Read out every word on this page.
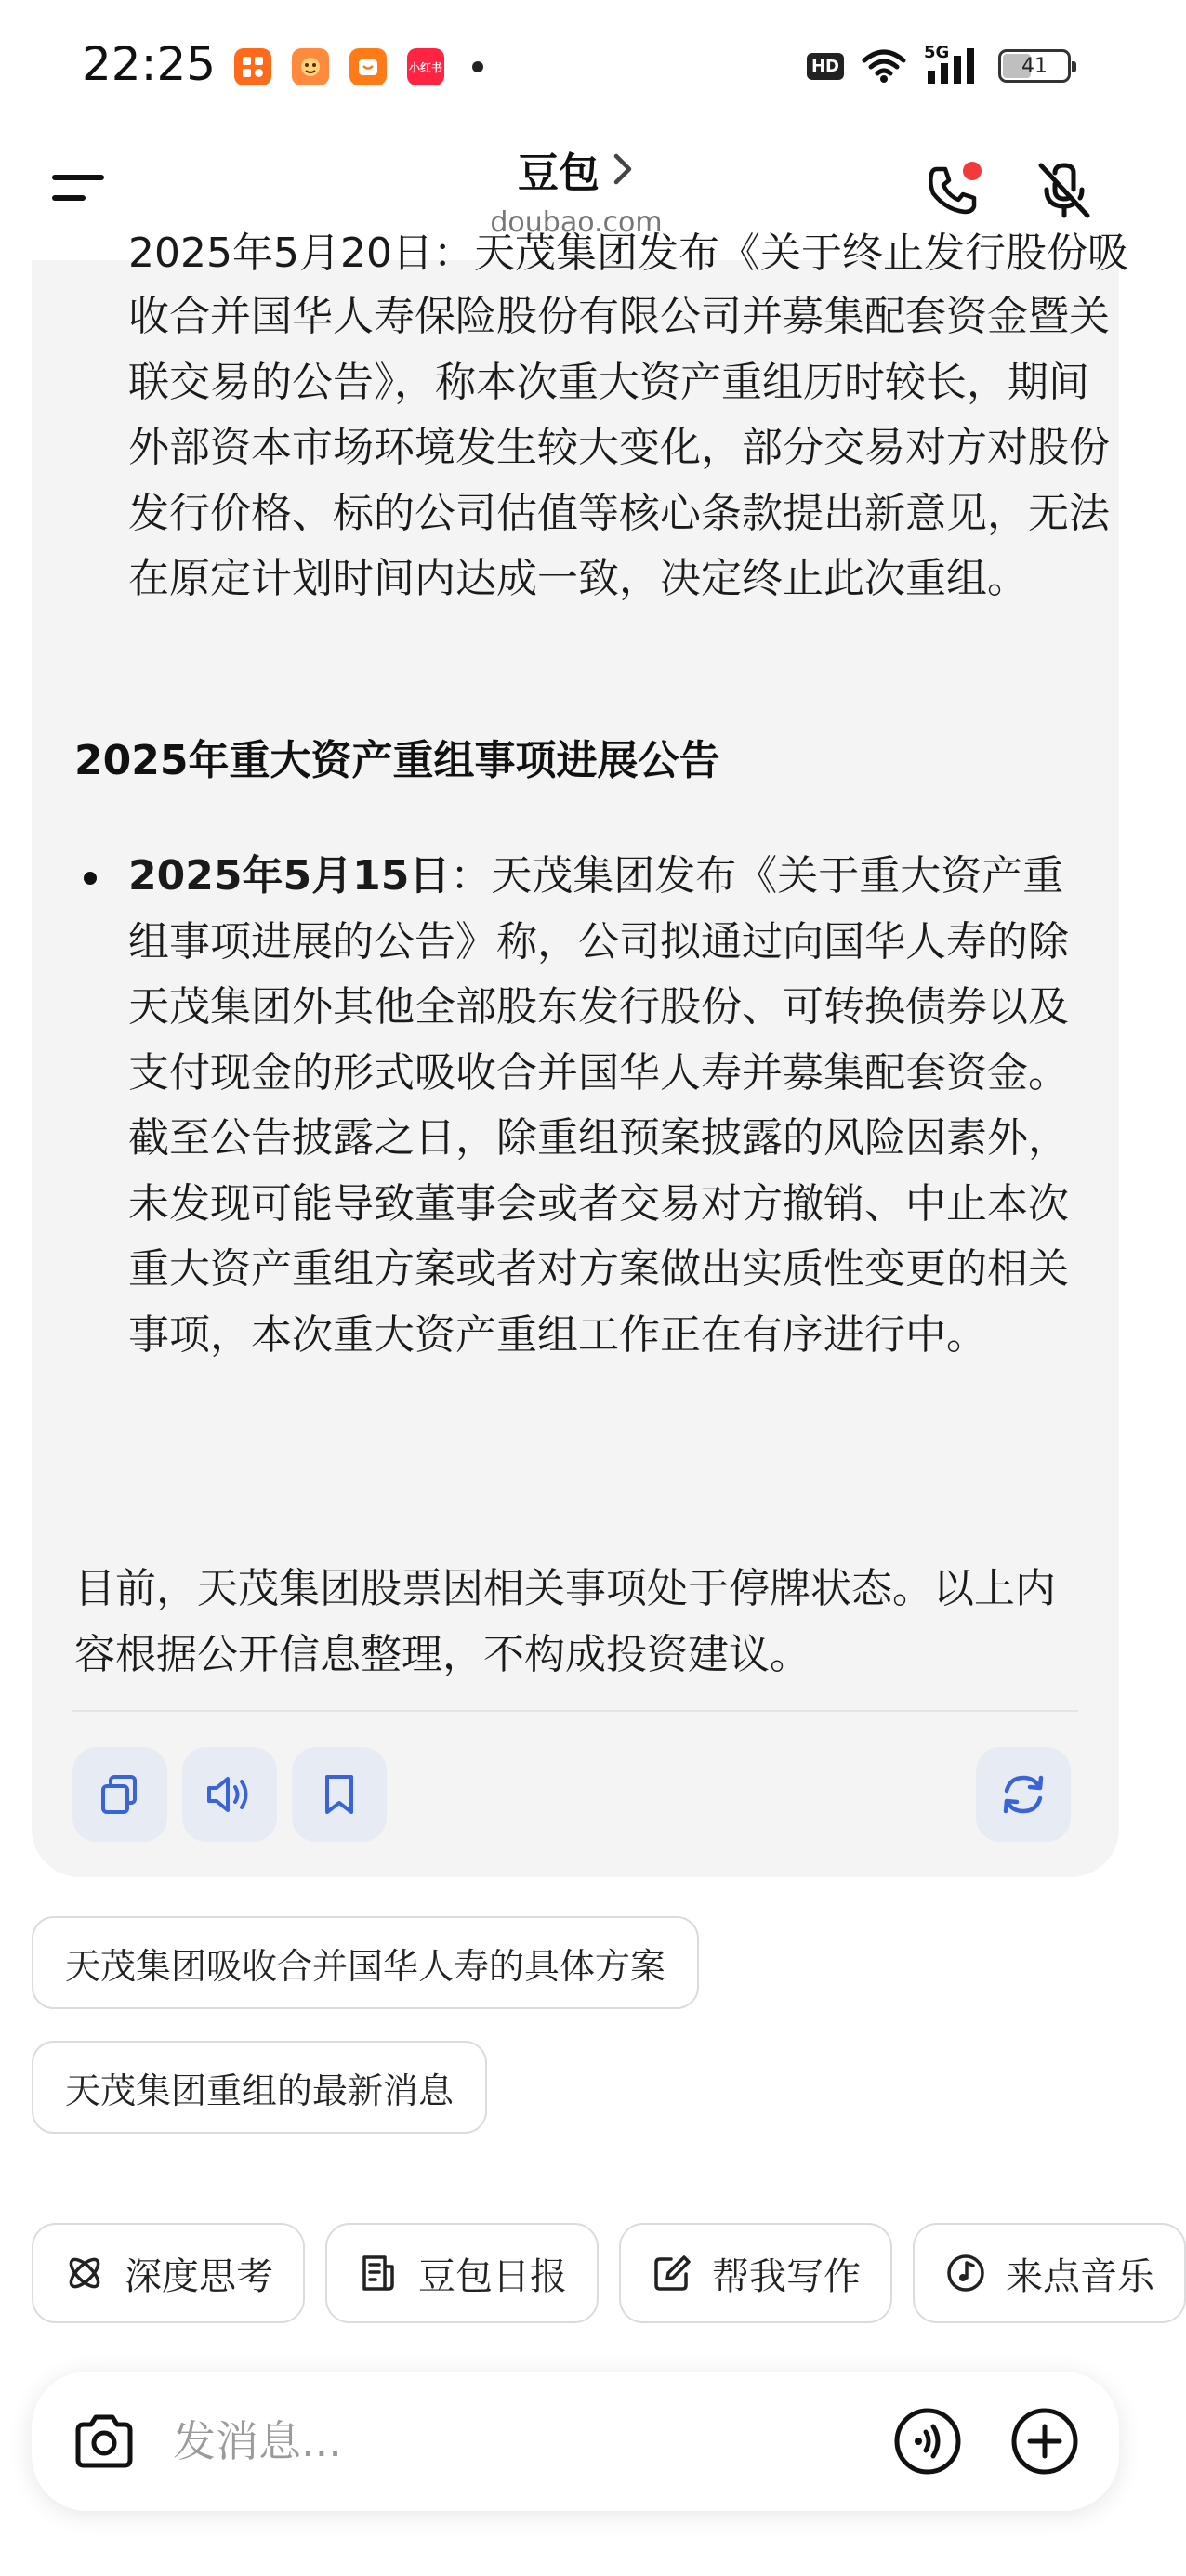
22:25	小红书	HD
5G
41
豆包
doubao.com
2025年5月20日：天茂集团发布《关于终止发行股份吸
收合并国华人寿保险股份有限公司并募集配套资金暨关联交易的公告》，称本次重大资产重组历时较长，期间外部资本市场环境发生较大变化，部分交易对方对股份发行价格、标的公司估值等核心条款提出新意见，无法在原定计划时间内达成一致，决定终止此次重组。
2025年重大资产重组事项进展公告
2025年5月15日：天茂集团发布《关于重大资产重组事项进展的公告》称，公司拟通过向国华人寿的除天茂集团外其他全部股东发行股份、可转换债券以及支付现金的形式吸收合并国华人寿并募集配套资金。截至公告披露之日，除重组预案披露的风险因素外，未发现可能导致董事会或者交易对方撤销、中止本次重大资产重组方案或者对方案做出实质性变更的相关事项，本次重大资产重组工作正在有序进行中。
目前，天茂集团股票因相关事项处于停牌状态。以上内容根据公开信息整理，不构成投资建议。
天茂集团吸收合并国华人寿的具体方案
天茂集团重组的最新消息
深度思考	豆包日报	帮我写作	来点音乐
发消息...
